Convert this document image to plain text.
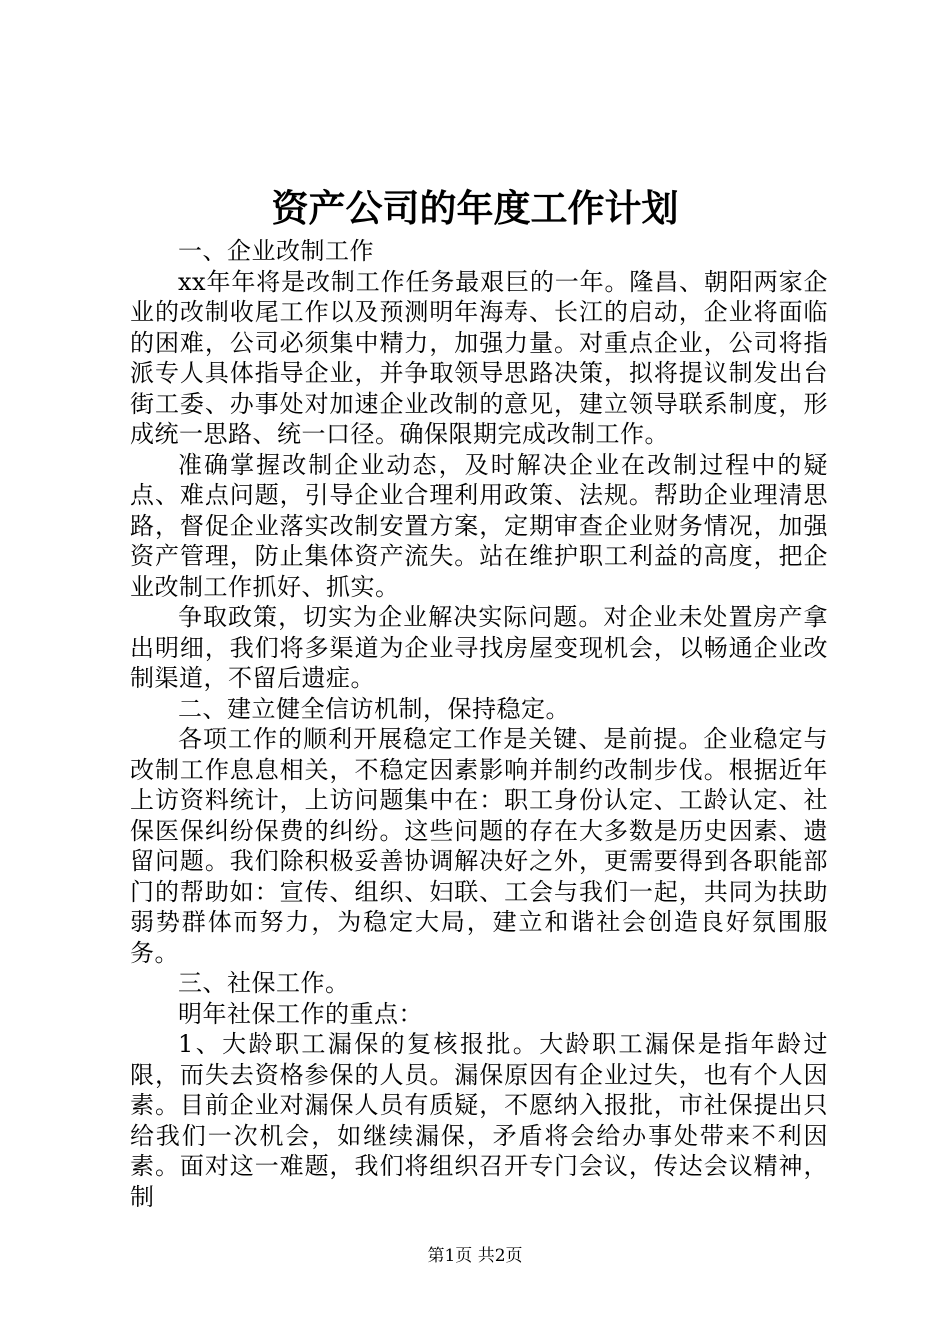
资产公司的年度工作计划

一、企业改制工作

xx年年将是改制工作任务最艰巨的一年。隆昌、朝阳两家企业的改制收尾工作以及预测明年海寿、长江的启动，企业将面临的困难，公司必须集中精力，加强力量。对重点企业，公司将指派专人具体指导企业，并争取领导思路决策，拟将提议制发出台街工委、办事处对加速企业改制的意见，建立领导联系制度，形成统一思路、统一口径。确保限期完成改制工作。

准确掌握改制企业动态，及时解决企业在改制过程中的疑点、难点问题，引导企业合理利用政策、法规。帮助企业理清思路，督促企业落实改制安置方案，定期审查企业财务情况，加强资产管理，防止集体资产流失。站在维护职工利益的高度，把企业改制工作抓好、抓实。

争取政策，切实为企业解决实际问题。对企业未处置房产拿出明细，我们将多渠道为企业寻找房屋变现机会，以畅通企业改制渠道，不留后遗症。

二、建立健全信访机制，保持稳定。

各项工作的顺利开展稳定工作是关键、是前提。企业稳定与改制工作息息相关，不稳定因素影响并制约改制步伐。根据近年上访资料统计，上访问题集中在：职工身份认定、工龄认定、社保医保纠纷保费的纠纷。这些问题的存在大多数是历史因素、遗留问题。我们除积极妥善协调解决好之外，更需要得到各职能部门的帮助如：宣传、组织、妇联、工会与我们一起，共同为扶助弱势群体而努力，为稳定大局，建立和谐社会创造良好氛围服务。

三、社保工作。

明年社保工作的重点：

1、大龄职工漏保的复核报批。大龄职工漏保是指年龄过限，而失去资格参保的人员。漏保原因有企业过失，也有个人因素。目前企业对漏保人员有质疑，不愿纳入报批，市社保提出只给我们一次机会，如继续漏保，矛盾将会给办事处带来不利因素。面对这一难题，我们将组织召开专门会议，传达会议精神，制

第1页 共2页
